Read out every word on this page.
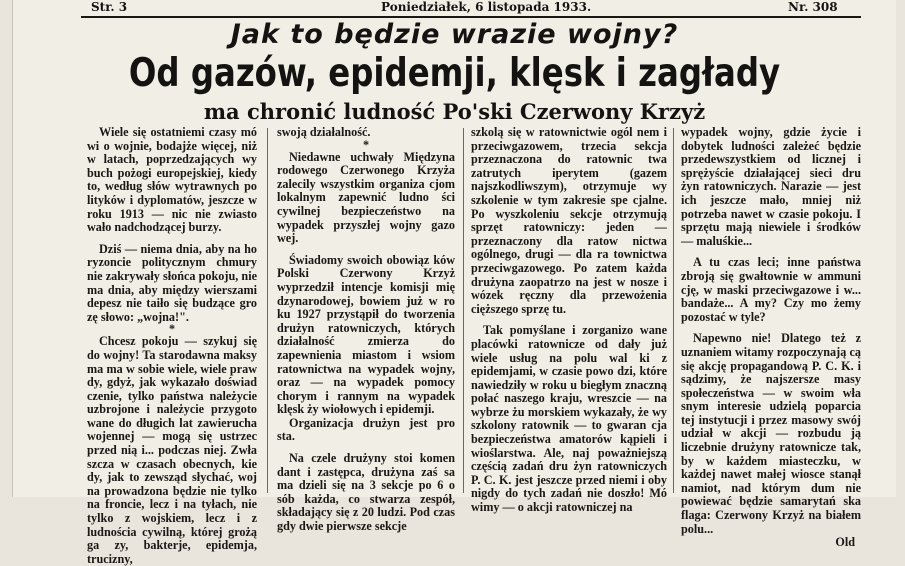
Str. 3	Poniedziałek, 6 listopada 1933.	Nr. 308
Jak to będzie wrazie wojny?
Od gazów, epidemji, klęsk i zagłady
ma chronić ludność Po'ski Czerwony Krzyż

Wiele się ostatniemi czasy mó wi o wojnie, bodajże więcej, niż w latach, poprzedzających wy buch pożogi europejskiej, kiedy to, według słów wytrawnych po lityków i dyplomatów, jeszcze w roku 1913 — nic nie zwiasto wało nadchodzącej burzy.

Dziś — niema dnia, aby na ho ryzoncie politycznym chmury nie zakrywały słońca pokoju, nie ma dnia, aby między wierszami depesz nie taiło się budzące gro zę słowo: „wojna!".

*

Chcesz pokoju — szykuj się do wojny! Ta starodawna maksy ma ma w sobie wiele, wiele praw dy, gdyż, jak wykazało doświad czenie, tylko państwa należycie uzbrojone i należycie przygoto wane do długich lat zawierucha wojennej — mogą się ustrzec przed nią i... podczas niej. Zwła szcza w czasach obecnych, kie dy, jak to zewsząd słychać, woj na prowadzona będzie nie tylko na froncie, lecz i na tyłach, nie tylko z wojskiem, lecz i z ludnościa cywilną, której grożą ga zy, bakterje, epidemja, trucizny,

swoją działalność.

*

Niedawne uchwały Międzyna rodowego Czerwonego Krzyża zalecily wszystkim organiza cjom lokalnym zapewnić ludno ści cywilnej bezpieczeństwo na wypadek przyszłej wojny gazo wej.

Świadomy swoich obowiąz ków Polski Czerwony Krzyż wyprzedził intencje komisji mię dzynarodowej, bowiem już w ro ku 1927 przystąpił do tworzenia drużyn ratowniczych, których działalność zmierza do zapewnienia miastom i wsiom ratownictwa na wypadek wojny, oraz — na wypadek pomocy chorym i rannym na wypadek klęsk ży wiołowych i epidemji.

Organizacja drużyn jest pro sta.

Na czele drużyny stoi komen dant i zastępca, drużyna zaś sa ma dzieli się na 3 sekcje po 6 o sób każda, co stwarza zespół, składający się z 20 ludzi. Pod czas gdy dwie pierwsze sekcje

szkolą się w ratownictwie ogól nem i przeciwgazowem, trzecia sekcja przeznaczona do ratownic twa zatrutych iperytem (gazem najszkodliwszym), otrzymuje wy szkolenie w tym zakresie spe cjalne. Po wyszkoleniu sekcje otrzymują sprzęt ratowniczy: jeden — przeznaczony dla ratow nictwa ogólnego, drugi — dla ra townictwa przeciwgazowego. Po zatem każda drużyna zaopatrzo na jest w nosze i wózek ręczny dla przewożenia cięższego sprzę tu.

Tak pomyślane i zorganizo wane placówki ratownicze od dały już wiele usług na polu wal ki z epidemjami, w czasie powo dzi, które nawiedziły w roku u biegłym znaczną połać naszego kraju, wreszcie — na wybrze żu morskiem wykazały, że wy szkolony ratownik — to gwaran cja bezpieczeństwa amatorów kąpieli i wioślarstwa. Ale, naj poważniejszą częścią zadań dru żyn ratowniczych P. C. K. jest jeszcze przed niemi i oby nigdy do tych zadań nie doszło! Mó wimy — o akcji ratowniczej na

wypadek wojny, gdzie życie i dobytek ludności zależeć będzie przedewszystkiem od licznej i sprężyście działającej sieci dru żyn ratowniczych. Narazie — jest ich jeszcze mało, mniej niż potrzeba nawet w czasie pokoju. I sprzętu mają niewiele i środków — maluśkie...

A tu czas leci; inne państwa zbroją się gwałtownie w ammuni cję, w maski przeciwgazowe i w... bandaże... A my? Czy mo żemy pozostać w tyle?

Napewno nie! Dlatego też z uznaniem witamy rozpoczynają cą się akcję propagandową P. C. K. i sądzimy, że najszersze masy społeczeństwa — w swoim wła snym interesie udzielą poparcia tej instytucji i przez masowy swój udział w akcji — rozbudu ją liczebnie drużyny ratownicze tak, by w każdem miasteczku, w każdej nawet małej wiosce stanął namiot, nad którym dum nie powiewać będzie samarytań ska flaga: Czerwony Krzyż na białem polu...

Old
